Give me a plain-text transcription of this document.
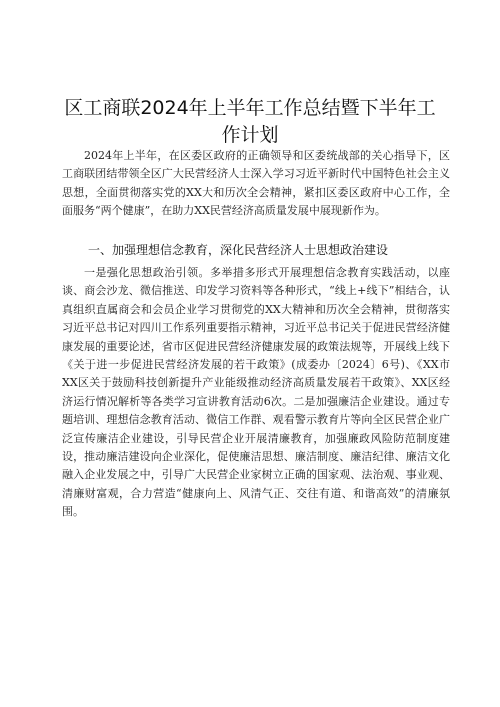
区工商联2024年上半年工作总结暨下半年工
作计划

2024年上半年，在区委区政府的正确领导和区委统战部的关心指导下，区工商联团结带领全区广大民营经济人士深入学习习近平新时代中国特色社会主义思想，全面贯彻落实党的XX大和历次全会精神，紧扣区委区政府中心工作，全面服务“两个健康”，在助力XX民营经济高质量发展中展现新作为。

一、加强理想信念教育，深化民营经济人士思想政治建设

一是强化思想政治引领。多举措多形式开展理想信念教育实践活动，以座谈、商会沙龙、微信推送、印发学习资料等各种形式，“线上+线下”相结合，认真组织直属商会和会员企业学习贯彻党的XX大精神和历次全会精神，贯彻落实习近平总书记对四川工作系列重要指示精神，习近平总书记关于促进民营经济健康发展的重要论述，省市区促进民营经济健康发展的政策法规等，开展线上线下《关于进一步促进民营经济发展的若干政策》(成委办〔2024〕6号)、《XX市XX区关于鼓励科技创新提升产业能级推动经济高质量发展若干政策》、XX区经济运行情况解析等各类学习宣讲教育活动6次。二是加强廉洁企业建设。通过专题培训、理想信念教育活动、微信工作群、观看警示教育片等向全区民营企业广泛宣传廉洁企业建设，引导民营企业开展清廉教育，加强廉政风险防范制度建设，推动廉洁建设向企业深化，促使廉洁思想、廉洁制度、廉洁纪律、廉洁文化融入企业发展之中，引导广大民营企业家树立正确的国家观、法治观、事业观、清廉财富观，合力营造“健康向上、风清气正、交往有道、和谐高效”的清廉氛围。
